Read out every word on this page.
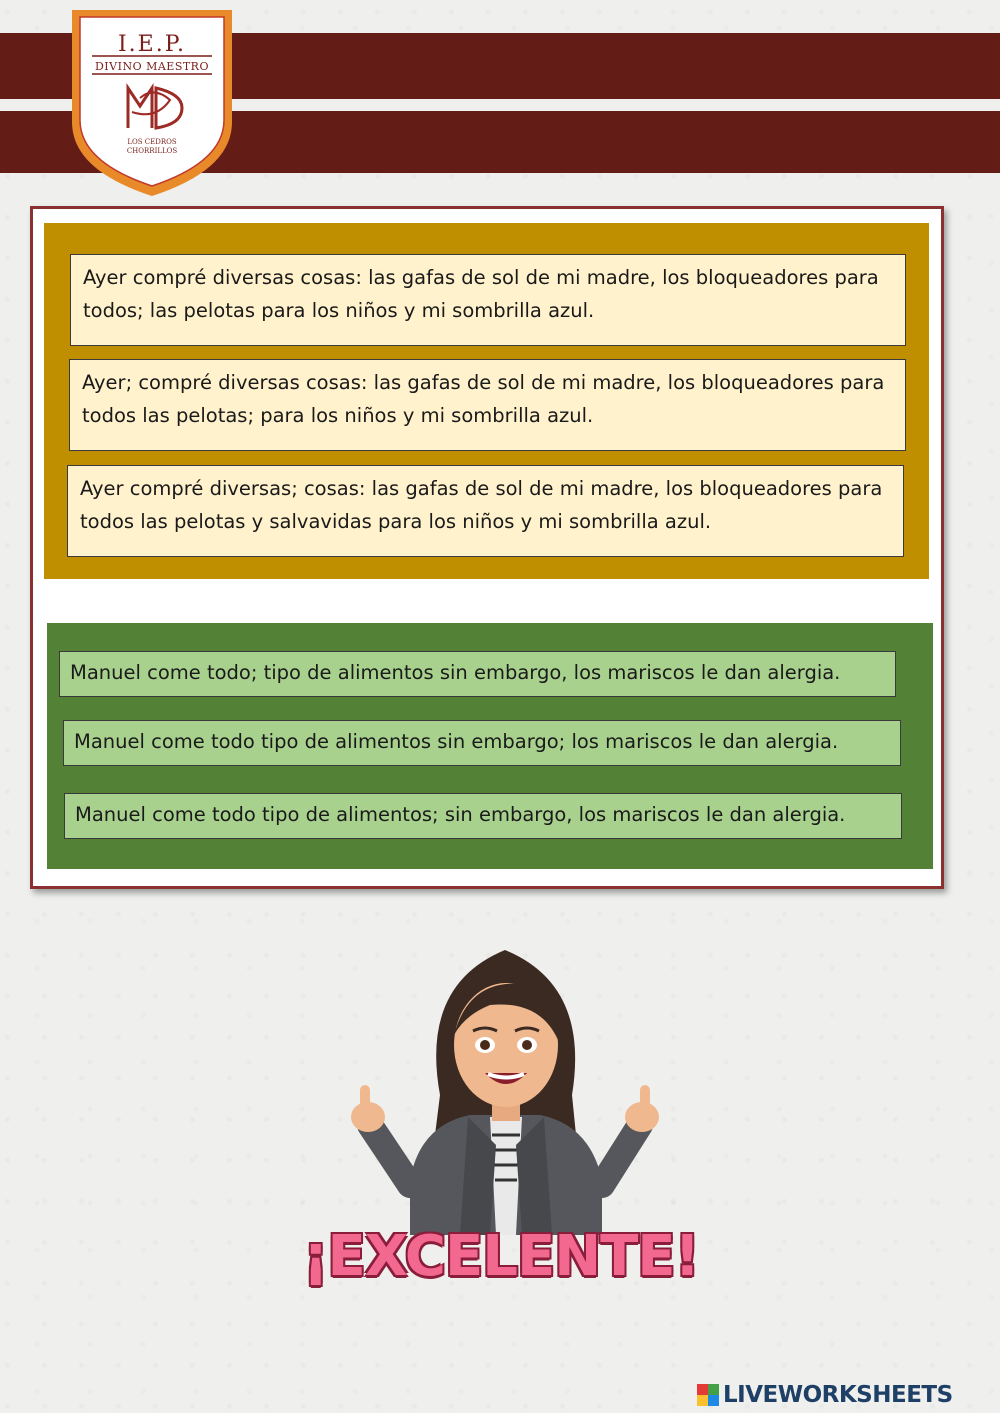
I.E.P.
DIVINO MAESTRO
LOS CEDROS
CHORRILLOS
Ayer compré diversas cosas: las gafas de sol de mi madre, los bloqueadores para todos; las pelotas para los niños y mi sombrilla azul.
Ayer; compré diversas cosas: las gafas de sol de mi madre, los bloqueadores para todos las pelotas; para los niños y mi sombrilla azul.
Ayer compré diversas; cosas: las gafas de sol de mi madre, los bloqueadores para todos las pelotas y salvavidas para los niños y mi sombrilla azul.
Manuel come todo; tipo de alimentos sin embargo, los mariscos le dan alergia.
Manuel come todo tipo de alimentos sin embargo; los mariscos le dan alergia.
Manuel come todo tipo de alimentos; sin embargo, los mariscos le dan alergia.
¡EXCELENTE!
LIVEWORKSHEETS
